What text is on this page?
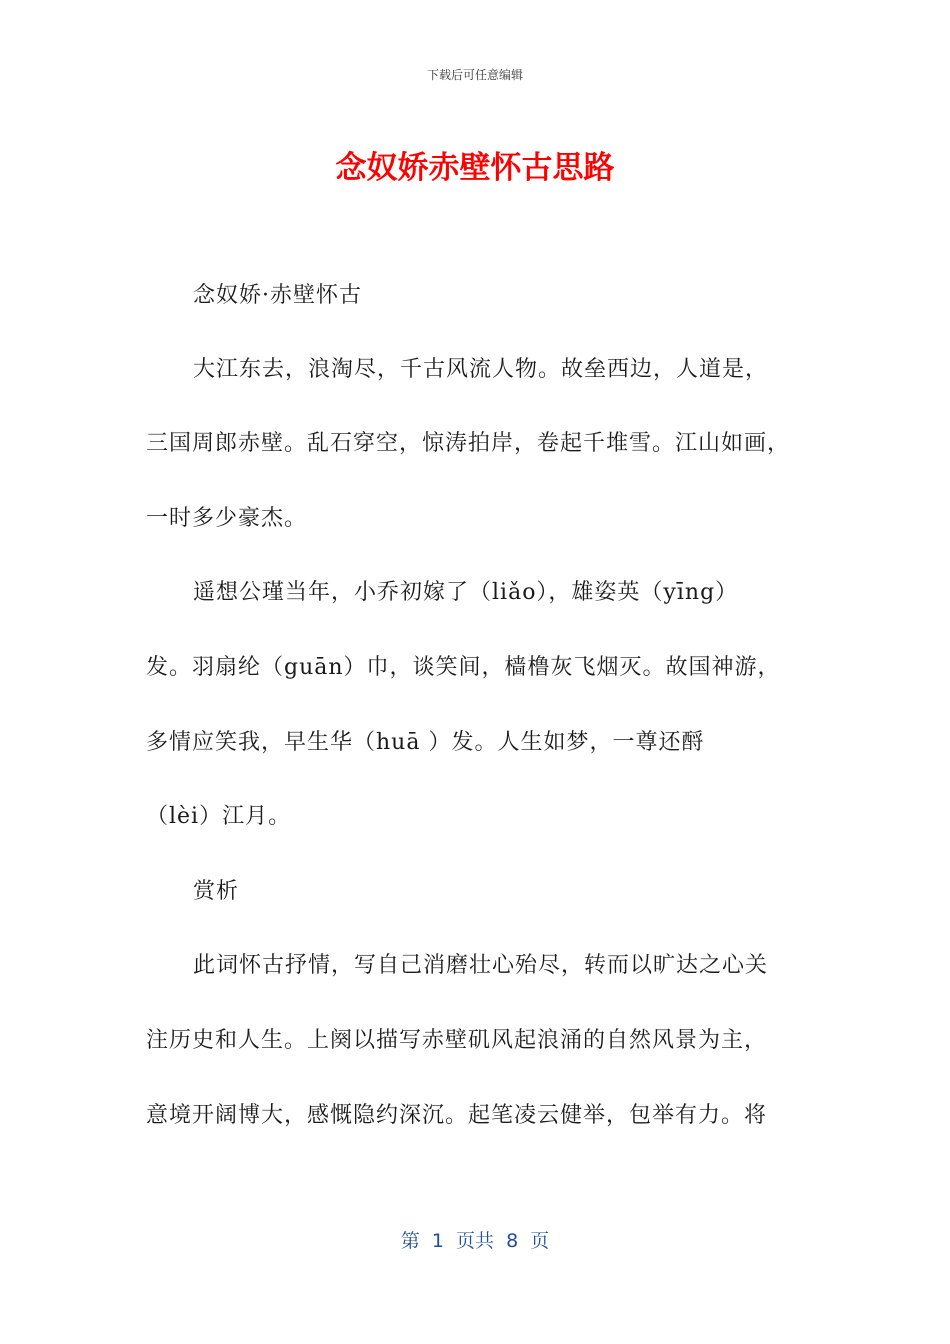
下载后可任意编辑
念奴娇赤壁怀古思路
念奴娇·赤壁怀古
大江东去，浪淘尽，千古风流人物。故垒西边，人道是，
三国周郎赤壁。乱石穿空，惊涛拍岸，卷起千堆雪。江山如画，
一时多少豪杰。
遥想公瑾当年，小乔初嫁了（liǎo），雄姿英（yīng）
发。羽扇纶（guān）巾，谈笑间，樯橹灰飞烟灭。故国神游，
多情应笑我，早生华（huā ）发。人生如梦，一尊还酹
（lèi）江月。
赏析
此词怀古抒情，写自己消磨壮心殆尽，转而以旷达之心关
注历史和人生。上阕以描写赤壁矶风起浪涌的自然风景为主，
意境开阔博大，感慨隐约深沉。起笔凌云健举，包举有力。将
第  1  页共  8  页
